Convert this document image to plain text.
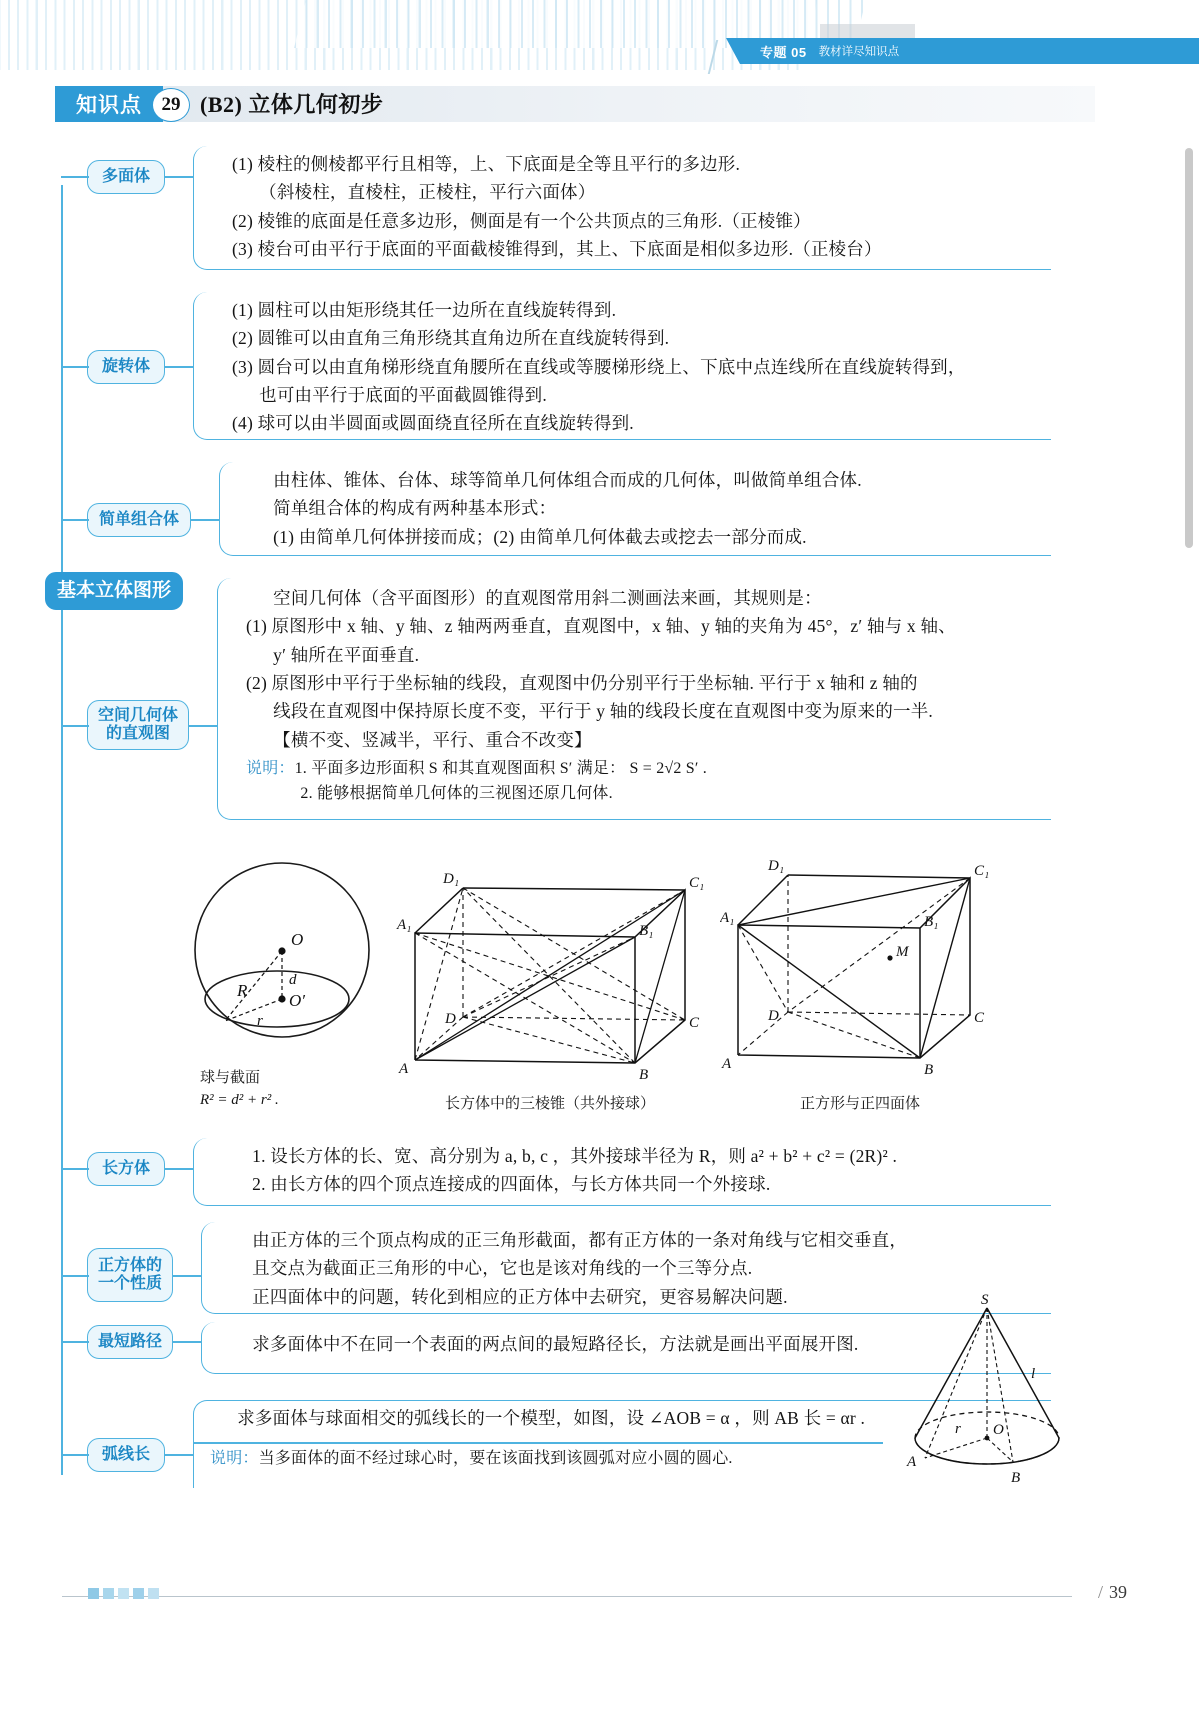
专题 05 教材详尽知识点
知识点	29 (B2) 立体几何初步
基本立体图形
多面体
(1) 棱柱的侧棱都平行且相等，上、下底面是全等且平行的多边形.
（斜棱柱，直棱柱，正棱柱，平行六面体）
(2) 棱锥的底面是任意多边形，侧面是有一个公共顶点的三角形.（正棱锥）
(3) 棱台可由平行于底面的平面截棱锥得到，其上、下底面是相似多边形.（正棱台）
旋转体
(1) 圆柱可以由矩形绕其任一边所在直线旋转得到.
(2) 圆锥可以由直角三角形绕其直角边所在直线旋转得到.
(3) 圆台可以由直角梯形绕直角腰所在直线或等腰梯形绕上、下底中点连线所在直线旋转得到，
也可由平行于底面的平面截圆锥得到.
(4) 球可以由半圆面或圆面绕直径所在直线旋转得到.
简单组合体
由柱体、锥体、台体、球等简单几何体组合而成的几何体，叫做简单组合体.
简单组合体的构成有两种基本形式：
(1) 由简单几何体拼接而成；(2) 由简单几何体截去或挖去一部分而成.
空间几何体
的直观图
空间几何体（含平面图形）的直观图常用斜二测画法来画，其规则是：
(1) 原图形中 x 轴、y 轴、z 轴两两垂直，直观图中，x 轴、y 轴的夹角为 45°，z′ 轴与 x 轴、
y′ 轴所在平面垂直.
(2) 原图形中平行于坐标轴的线段，直观图中仍分别平行于坐标轴. 平行于 x 轴和 z 轴的
线段在直观图中保持原长度不变，平行于 y 轴的线段长度在直观图中变为原来的一半.
【横不变、竖减半，平行、重合不改变】
说明：1. 平面多边形面积 S 和其直观图面积 S′ 满足： S = 2√2 S′ .
2. 能够根据简单几何体的三视图还原几何体.
O
d
O′
R
r
球与截面
R² = d² + r² .
A	B
C
D
A₁	B₁
C₁
D₁
长方体中的三棱锥（共外接球）
M
A	B
C
D
A₁	B₁
C₁
D₁
正方形与正四面体
长方体
1. 设长方体的长、宽、高分别为 a, b, c ，其外接球半径为 R，则 a² + b² + c² = (2R)² .
2. 由长方体的四个顶点连接成的四面体，与长方体共同一个外接球.
正方体的
一个性质
由正方体的三个顶点构成的正三角形截面，都有正方体的一条对角线与它相交垂直，
且交点为截面正三角形的中心，它也是该对角线的一个三等分点.
正四面体中的问题，转化到相应的正方体中去研究，更容易解决问题.
最短路径	求多面体中不在同一个表面的两点间的最短路径长，方法就是画出平面展开图.
弧线长
求多面体与球面相交的弧线长的一个模型，如图，设 ∠AOB = α ，则 AB 长 = αr .
说明：当多面体的面不经过球心时，要在该面找到该圆弧对应小圆的圆心.
S
l
r O
A
B
/ 39
